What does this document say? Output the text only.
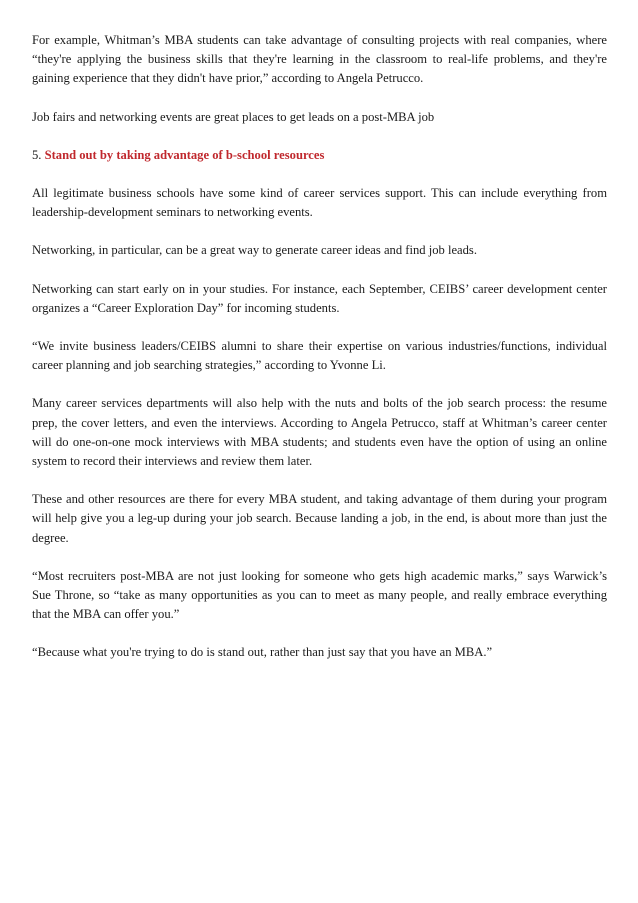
For example, Whitman’s MBA students can take advantage of consulting projects with real companies, where “they're applying the business skills that they're learning in the classroom to real-life problems, and they're gaining experience that they didn't have prior,” according to Angela Petrucco.

Job fairs and networking events are great places to get leads on a post-MBA job

5. Stand out by taking advantage of b-school resources

All legitimate business schools have some kind of career services support. This can include everything from leadership-development seminars to networking events.

Networking, in particular, can be a great way to generate career ideas and find job leads.

Networking can start early on in your studies. For instance, each September, CEIBS’ career development center organizes a “Career Exploration Day” for incoming students.

“We invite business leaders/CEIBS alumni to share their expertise on various industries/functions, individual career planning and job searching strategies,” according to Yvonne Li.

Many career services departments will also help with the nuts and bolts of the job search process: the resume prep, the cover letters, and even the interviews. According to Angela Petrucco, staff at Whitman’s career center will do one-on-one mock interviews with MBA students; and students even have the option of using an online system to record their interviews and review them later.

These and other resources are there for every MBA student, and taking advantage of them during your program will help give you a leg-up during your job search. Because landing a job, in the end, is about more than just the degree.

“Most recruiters post-MBA are not just looking for someone who gets high academic marks,” says Warwick’s Sue Throne, so “take as many opportunities as you can to meet as many people, and really embrace everything that the MBA can offer you.”

“Because what you're trying to do is stand out, rather than just say that you have an MBA.”
